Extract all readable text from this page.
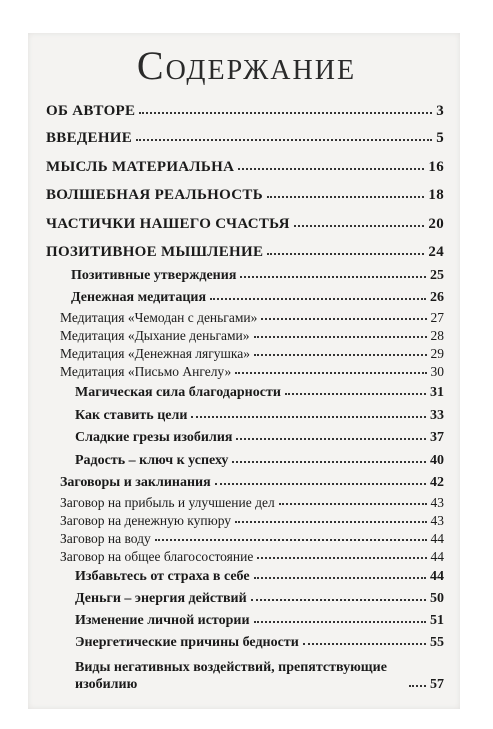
Содержание
ОБ АВТОРЕ	3
ВВЕДЕНИЕ	5
МЫСЛЬ МАТЕРИАЛЬНА	16
ВОЛШЕБНАЯ РЕАЛЬНОСТЬ	18
ЧАСТИЧКИ НАШЕГО СЧАСТЬЯ	20
ПОЗИТИВНОЕ МЫШЛЕНИЕ	24
Позитивные утверждения	25
Денежная медитация	26
Медитация «Чемодан с деньгами»	27
Медитация «Дыхание деньгами»	28
Медитация «Денежная лягушка»	29
Медитация «Письмо Ангелу»	30
Магическая сила благодарности	31
Как ставить цели	33
Сладкие грезы изобилия	37
Радость – ключ к успеху	40
Заговоры и заклинания	42
Заговор на прибыль и улучшение дел	43
Заговор на денежную купюру	43
Заговор на воду	44
Заговор на общее благосостояние	44
Избавьтесь от страха в себе	44
Деньги – энергия действий	50
Изменение личной истории	51
Энергетические причины бедности	55
Виды негативных воздействий, препятствующие изобилию	57
